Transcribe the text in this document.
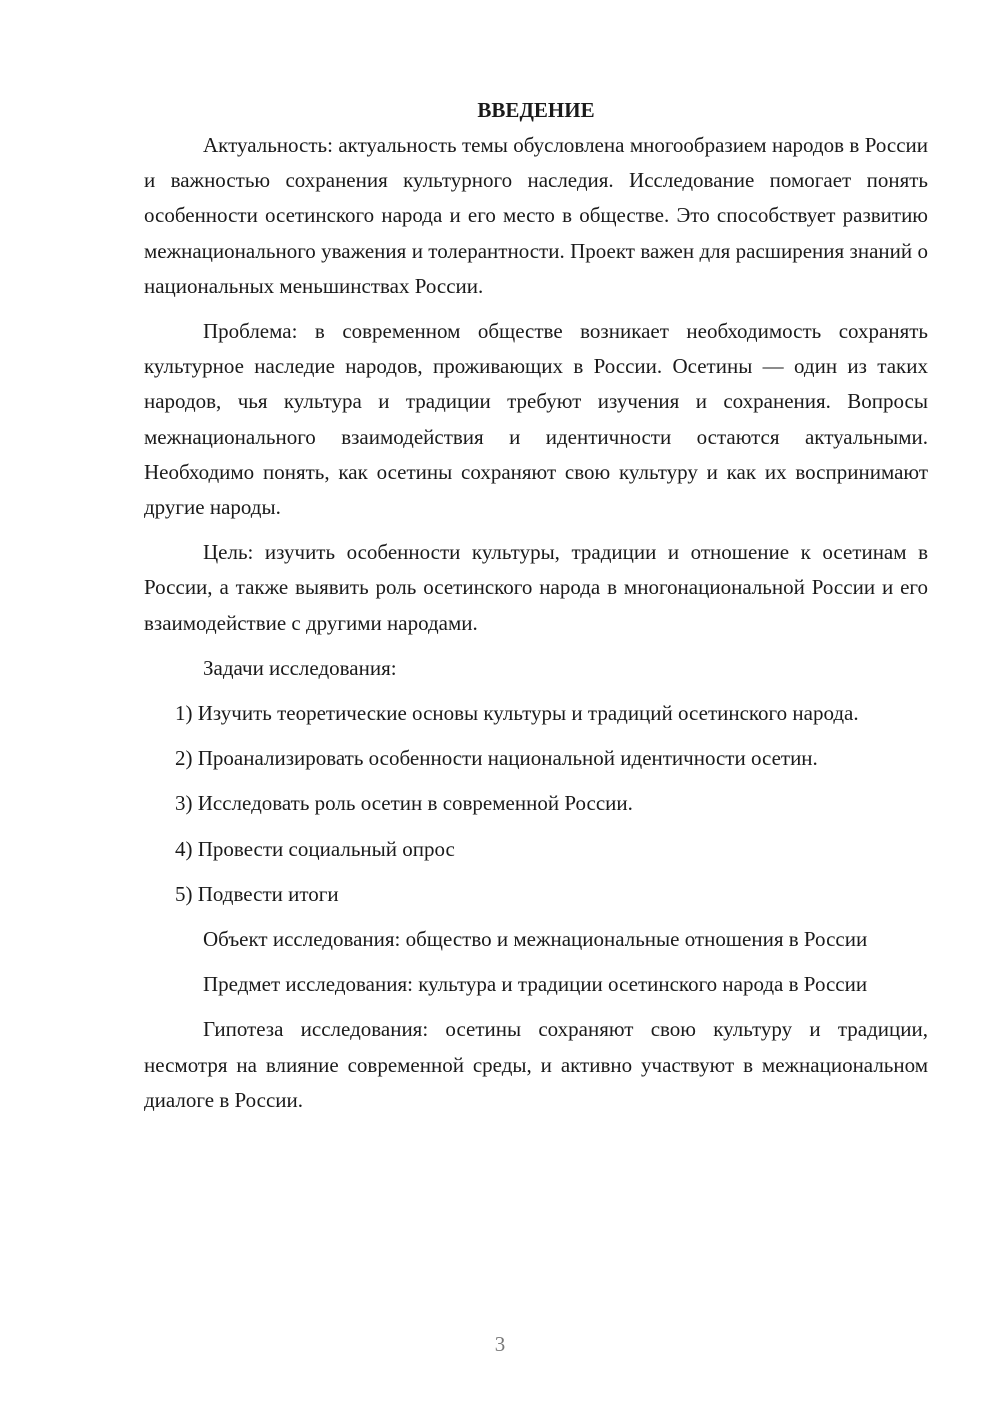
ВВЕДЕНИЕ

Актуальность: актуальность темы обусловлена многообразием народов в России и важностью сохранения культурного наследия. Исследование помогает понять особенности осетинского народа и его место в обществе. Это способствует развитию межнационального уважения и толерантности. Проект важен для расширения знаний о национальных меньшинствах России.

Проблема: в современном обществе возникает необходимость сохранять культурное наследие народов, проживающих в России. Осетины — один из таких народов, чья культура и традиции требуют изучения и сохранения. Вопросы межнационального взаимодействия и идентичности остаются актуальными. Необходимо понять, как осетины сохраняют свою культуру и как их воспринимают другие народы.

Цель: изучить особенности культуры, традиции и отношение к осетинам в России, а также выявить роль осетинского народа в многонациональной России и его взаимодействие с другими народами.

Задачи исследования:

1) Изучить теоретические основы культуры и традиций осетинского народа.

2) Проанализировать особенности национальной идентичности осетин.

3) Исследовать роль осетин в современной России.

4) Провести социальный опрос

5) Подвести итоги

Объект исследования: общество и межнациональные отношения в России

Предмет исследования: культура и традиции осетинского народа в России

Гипотеза исследования: осетины сохраняют свою культуру и традиции, несмотря на влияние современной среды, и активно участвуют в межнациональном диалоге в России.

3
